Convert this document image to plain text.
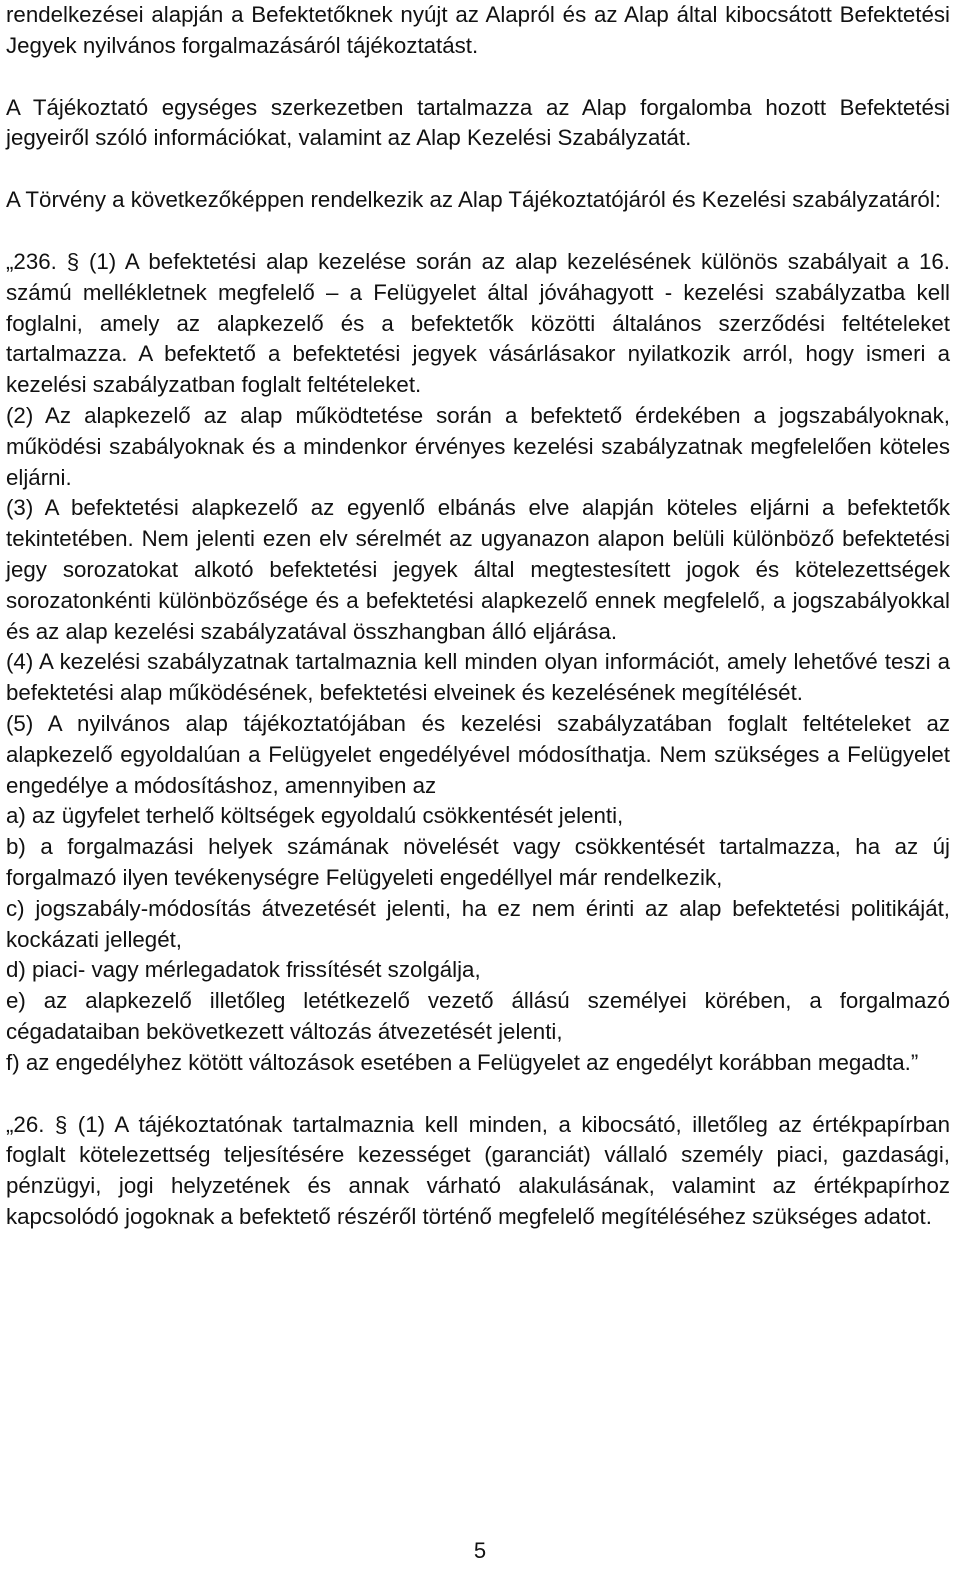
rendelkezései alapján a Befektetőknek nyújt az Alapról és az Alap által kibocsátott Befektetési Jegyek nyilvános forgalmazásáról tájékoztatást.

A Tájékoztató egységes szerkezetben tartalmazza az Alap forgalomba hozott Befektetési jegyeiről szóló információkat, valamint az Alap Kezelési Szabályzatát.

A Törvény a következőképpen rendelkezik az Alap Tájékoztatójáról és Kezelési szabályzatáról:

„236. § (1) A befektetési alap kezelése során az alap kezelésének különös szabályait a 16. számú mellékletnek megfelelő – a Felügyelet által jóváhagyott - kezelési szabályzatba kell foglalni, amely az alapkezelő és a befektetők közötti általános szerződési feltételeket tartalmazza. A befektető a befektetési jegyek vásárlásakor nyilatkozik arról, hogy ismeri a kezelési szabályzatban foglalt feltételeket.

(2) Az alapkezelő az alap működtetése során a befektető érdekében a jogszabályoknak, működési szabályoknak és a mindenkor érvényes kezelési szabályzatnak megfelelően köteles eljárni.

(3) A befektetési alapkezelő az egyenlő elbánás elve alapján köteles eljárni a befektetők tekintetében. Nem jelenti ezen elv sérelmét az ugyanazon alapon belüli különböző befektetési jegy sorozatokat alkotó befektetési jegyek által megtestesített jogok és kötelezettségek sorozatonkénti különbözősége és a befektetési alapkezelő ennek megfelelő, a jogszabályokkal és az alap kezelési szabályzatával összhangban álló eljárása.

(4) A kezelési szabályzatnak tartalmaznia kell minden olyan információt, amely lehetővé teszi a befektetési alap működésének, befektetési elveinek és kezelésének megítélését.

(5) A nyilvános alap tájékoztatójában és kezelési szabályzatában foglalt feltételeket az alapkezelő egyoldalúan a Felügyelet engedélyével módosíthatja. Nem szükséges a Felügyelet engedélye a módosításhoz, amennyiben az

a) az ügyfelet terhelő költségek egyoldalú csökkentését jelenti,

b) a forgalmazási helyek számának növelését vagy csökkentését tartalmazza, ha az új forgalmazó ilyen tevékenységre Felügyeleti engedéllyel már rendelkezik,

c) jogszabály-módosítás átvezetését jelenti, ha ez nem érinti az alap befektetési politikáját, kockázati jellegét,

d) piaci- vagy mérlegadatok frissítését szolgálja,

e) az alapkezelő illetőleg letétkezelő vezető állású személyei körében, a forgalmazó cégadataiban bekövetkezett változás átvezetését jelenti,

f) az engedélyhez kötött változások esetében a Felügyelet az engedélyt korábban megadta.”

„26. § (1) A tájékoztatónak tartalmaznia kell minden, a kibocsátó, illetőleg az értékpapírban foglalt kötelezettség teljesítésére kezességet (garanciát) vállaló személy piaci, gazdasági, pénzügyi, jogi helyzetének és annak várható alakulásának, valamint az értékpapírhoz kapcsolódó jogoknak a befektető részéről történő megfelelő megítéléséhez szükséges adatot.

5
